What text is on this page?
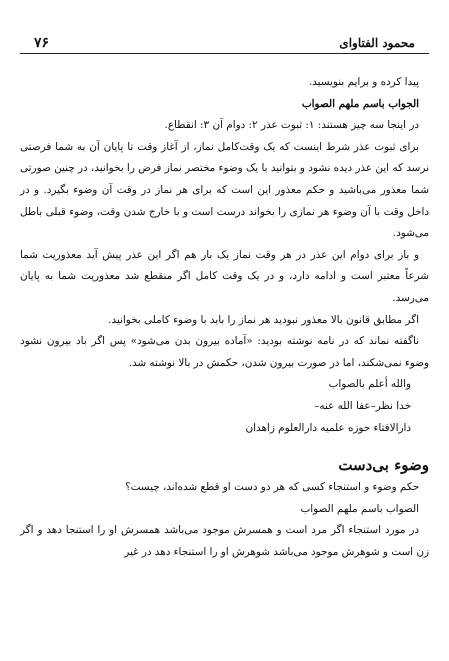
۷۶	محمود الفتاوای

پیدا کرده و برایم بنویسید.

الجواب باسم ملهم الصواب

در اینجا سه چیز هستند: ۱: ثبوت عذر ۲: دوام آن ۳: انقطاع.

برای ثبوت عذر شرط اینست که یک وقت‌کامل نماز، از آغاز وقت تا پایان آن به شما فرصتی نرسد که این عذر دیده نشود و بتوانید با یک وضوء مختصر نماز فرض را بخوانید، در چنین صورتی شما معذور می‌باشید و حکم معذور این است که برای هر نماز در وقت آن وضوء بگیرد. و در داخل وقت با آن وضوء هر نمازی را بخواند درست است و با خارج شدن وقت، وضوء قبلی باطل می‌شود.

و باز برای دوام این عذر در هر وقت نماز یک بار هم اگر این عذر پیش آید معذوریت شما شرعاً معتبر است و ادامه دارد، و در یک وقت کامل اگر منقطع شد معذوریت شما به پایان می‌رسد.

اگر مطابق قانون بالا معذور نبودید هر نماز را باید با وضوء کاملی بخوانید.

ناگفته نماند که در نامه نوشته بودید: «آماده بیرون بدن می‌شود» پس اگر باد بیرون نشود وضوء نمی‌شکند، اما در صورت بیرون شدن، حکمش در بالا نوشته شد.

والله أعلم بالصواب

خدا نظر–عفا الله عنه–

دارالافتاء حوزه علمیه دارالعلوم زاهدان

وضوء بی‌دست

حکم وضوء و استنجاء کسی که هر دو دست او قطع شده‌اند، چیست؟

الصواب باسم ملهم الصواب

در مورد استنجاء اگر مرد است و همسرش موجود می‌باشد همسرش او را استنجا دهد و اگر زن است و شوهرش موجود می‌باشد شوهرش او را استنجاء دهد در غیر
